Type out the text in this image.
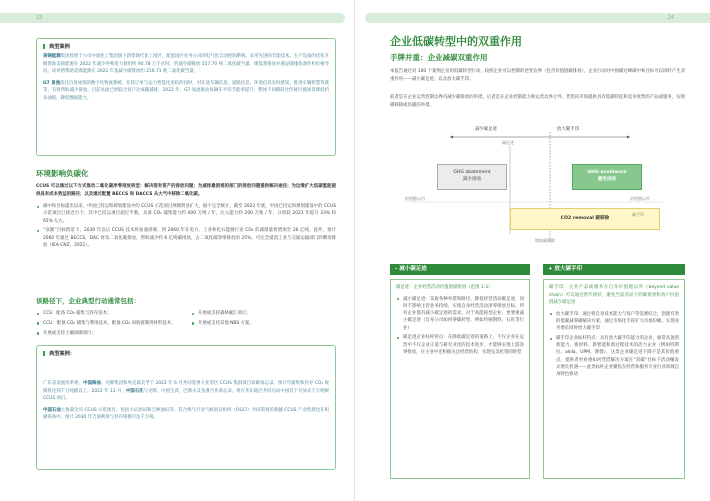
23
典型案例
美锦能源集团投资于公司中国化工集团旗下新型现代化工园区，配套园区业务公司的电气化自动控制系统。采用先进的节能技术。生产设备的优化升级帮助美锦能源在 2022 年减少外购电力使用约 90.78 万千瓦时，约减少碳排放 517.70 吨二氧化碳当量。缓低蒸排放并满足碳排放条件和价格导向。该举措帮助美锦能源在 2022 年基减少碳排放约 216.71 吨二氧化碳当量。
G7 易流依托自身成熟的数字化物流系统，在将订单与运力智能化连结的同时，对在途车辆信息、道路信息、环境信息实时感知，推进车辆智慧驾驶等，有效帮助减少排放。目前易流已经联合客户达成碳减排，2022 年，G7 易流推动每辆车平均节能率提升，整体不同路段比传统行驶场景降低约多油耗，降低数据能力。
环境影响负碳化
CCUS 可以通过以下方式推动二氧化碳净零排放转型：解决现有资产的排放问题；为减排最困难的部门的排放问题提供解决途径；为边缘扩大低碳氢能提供具有成本效益的路径；以及通过配置 BECCS 和 DACCS 从大气中移除二氧化碳。
碳中和目标提出以来，中国已投运和规划建设中的 CCUS 示范项目规模明显扩大，据不完全统计，截至 2022 年底，中国已投运和规划建设中的 CCUS 示范项目已接近百个，其中已投运项目超过半数，具备 CO₂ 捕集能力约 400 万吨 / 年，注入能力约 200 万吨 / 年，分别较 2021 年提升 33% 和 65% 左右。
“双碳”目标情景下，2030 年以后 CCUS 技术将加速部署。到 2060 年在电力、工业和化石能源行业 CO₂ 的减排量将增加至 26 亿吨。此外，预计 2060 年通过 BECCS、DAC 将负二氧化碳排放，帮助减少约 6 亿吨碳排放，占二氧化碳净零排放的 25%，可完全抵消工业与交通运输部门的剩余排放（IEA-CNZ，2021）。
该路径下，企业典型行动通常包括：
CCS：配备 CO₂ 捕集与封存技术；	开展或支持森林碳汇项目；
CCU：配备 CO₂ 捕集与利用技术，配备 CO₂ 回收链制用材料技术；	开展或支持其他 NBS 方案。
开展或支持土壤固碳项目；
典型案例：
广东省发展改革委、中国海油、壳牌集团和埃克森美孚于 2022 年 6 月共同签署大亚湾区 CCUS 集群项目谅解备忘录。预计年捕集和封存 CO₂ 规模将达到千万吨级以上。2022 年 11 月，中国石化与壳牌、中国宝武、巴斯夫及签署合作备忘录，将在华东地区共同启动中国首个开放式千万吨级 CCUS 项目。
中国石油主推部全员 CCUS 示范项目，包括大庆油田和吉林油田等。其合规气行业气候倡议组织（OGCI）共同策划的新疆 CCUS 产业集群也在积极筹备中。预计 2030 年吉油利用与封存规模可达千万吨。
24
企业低碳转型中的双重作用
手牌并重：企业减碳双重作用
本报告通过对 100 个案例企业的低碳转型行动，按照企业可以控制的逆变边界（包含价值链碳排放），企业行动对中国碳达峰碳中和目标可以同时产生双重作用——减小碳足迹，以及放大碳手印。
前者是在企业运营控制边界内减少碳排放的举措，后者是在企业控制能力和运营边界之外，凭借向市场提供具有低碳特征和竞争优势的产品或服务，实现碳移除或负碳的举措。
减少碳足迹	放大碳手印
碳足迹
价值链以内	价值链以外
GHG abatement
减少排放
GHG avoidance
避免排放
CO2 removal 碳移除
碳手印
增加碳移除
- 减小碳足迹
碳足迹：企业经营活动价值链碳排放（范围 1-3）
减小碳足迹：采取各种举措和路径，降低经营活动碳足迹，同时不影响主营业务持续，实现自身经营活动净零排放目标。所有企业都有减小碳足迹的需求，对于高能耗型企业，更要重减小碳足迹（自身公司如何零碳转型，例如传统钢铁、石化等行业）
碳足迹企业标杆特点：在降低碳足迹的道路上，不仅企业在运营中不仅企业正道与研究业化的技术进步，才能够实现上游净零排放，在主业中还积极关注经营结构，实现完美化资的转型
+ 放大碳手印
碳手印：企业产品或服务在自身价值链以外（beyond value chain）可以通过替代现状，避免当前活动下的碳排放和客户价值链减少碳足迹
放大碳手印：通过将自身技术能力与客户等需要结合，创建有效的低碳减零碳解决方案，通过市场化手段扩大市场份额。实现业务增长同时放大碳手印
碳手印企业标杆特点：具有放大碳手印能力的企业，通常具备创新能力、新材料、新智能和新过程技术的活力企业（例如特斯拉、akila、UPM、傅都），这类企业碳足迹下降不是其价值重点，提供者更看重如何凭借解决方案在“双碳”目标下活动赚发式增长机遇——此类标杆企业聚焦在经营和服务专业行业领域自身特色驱动
